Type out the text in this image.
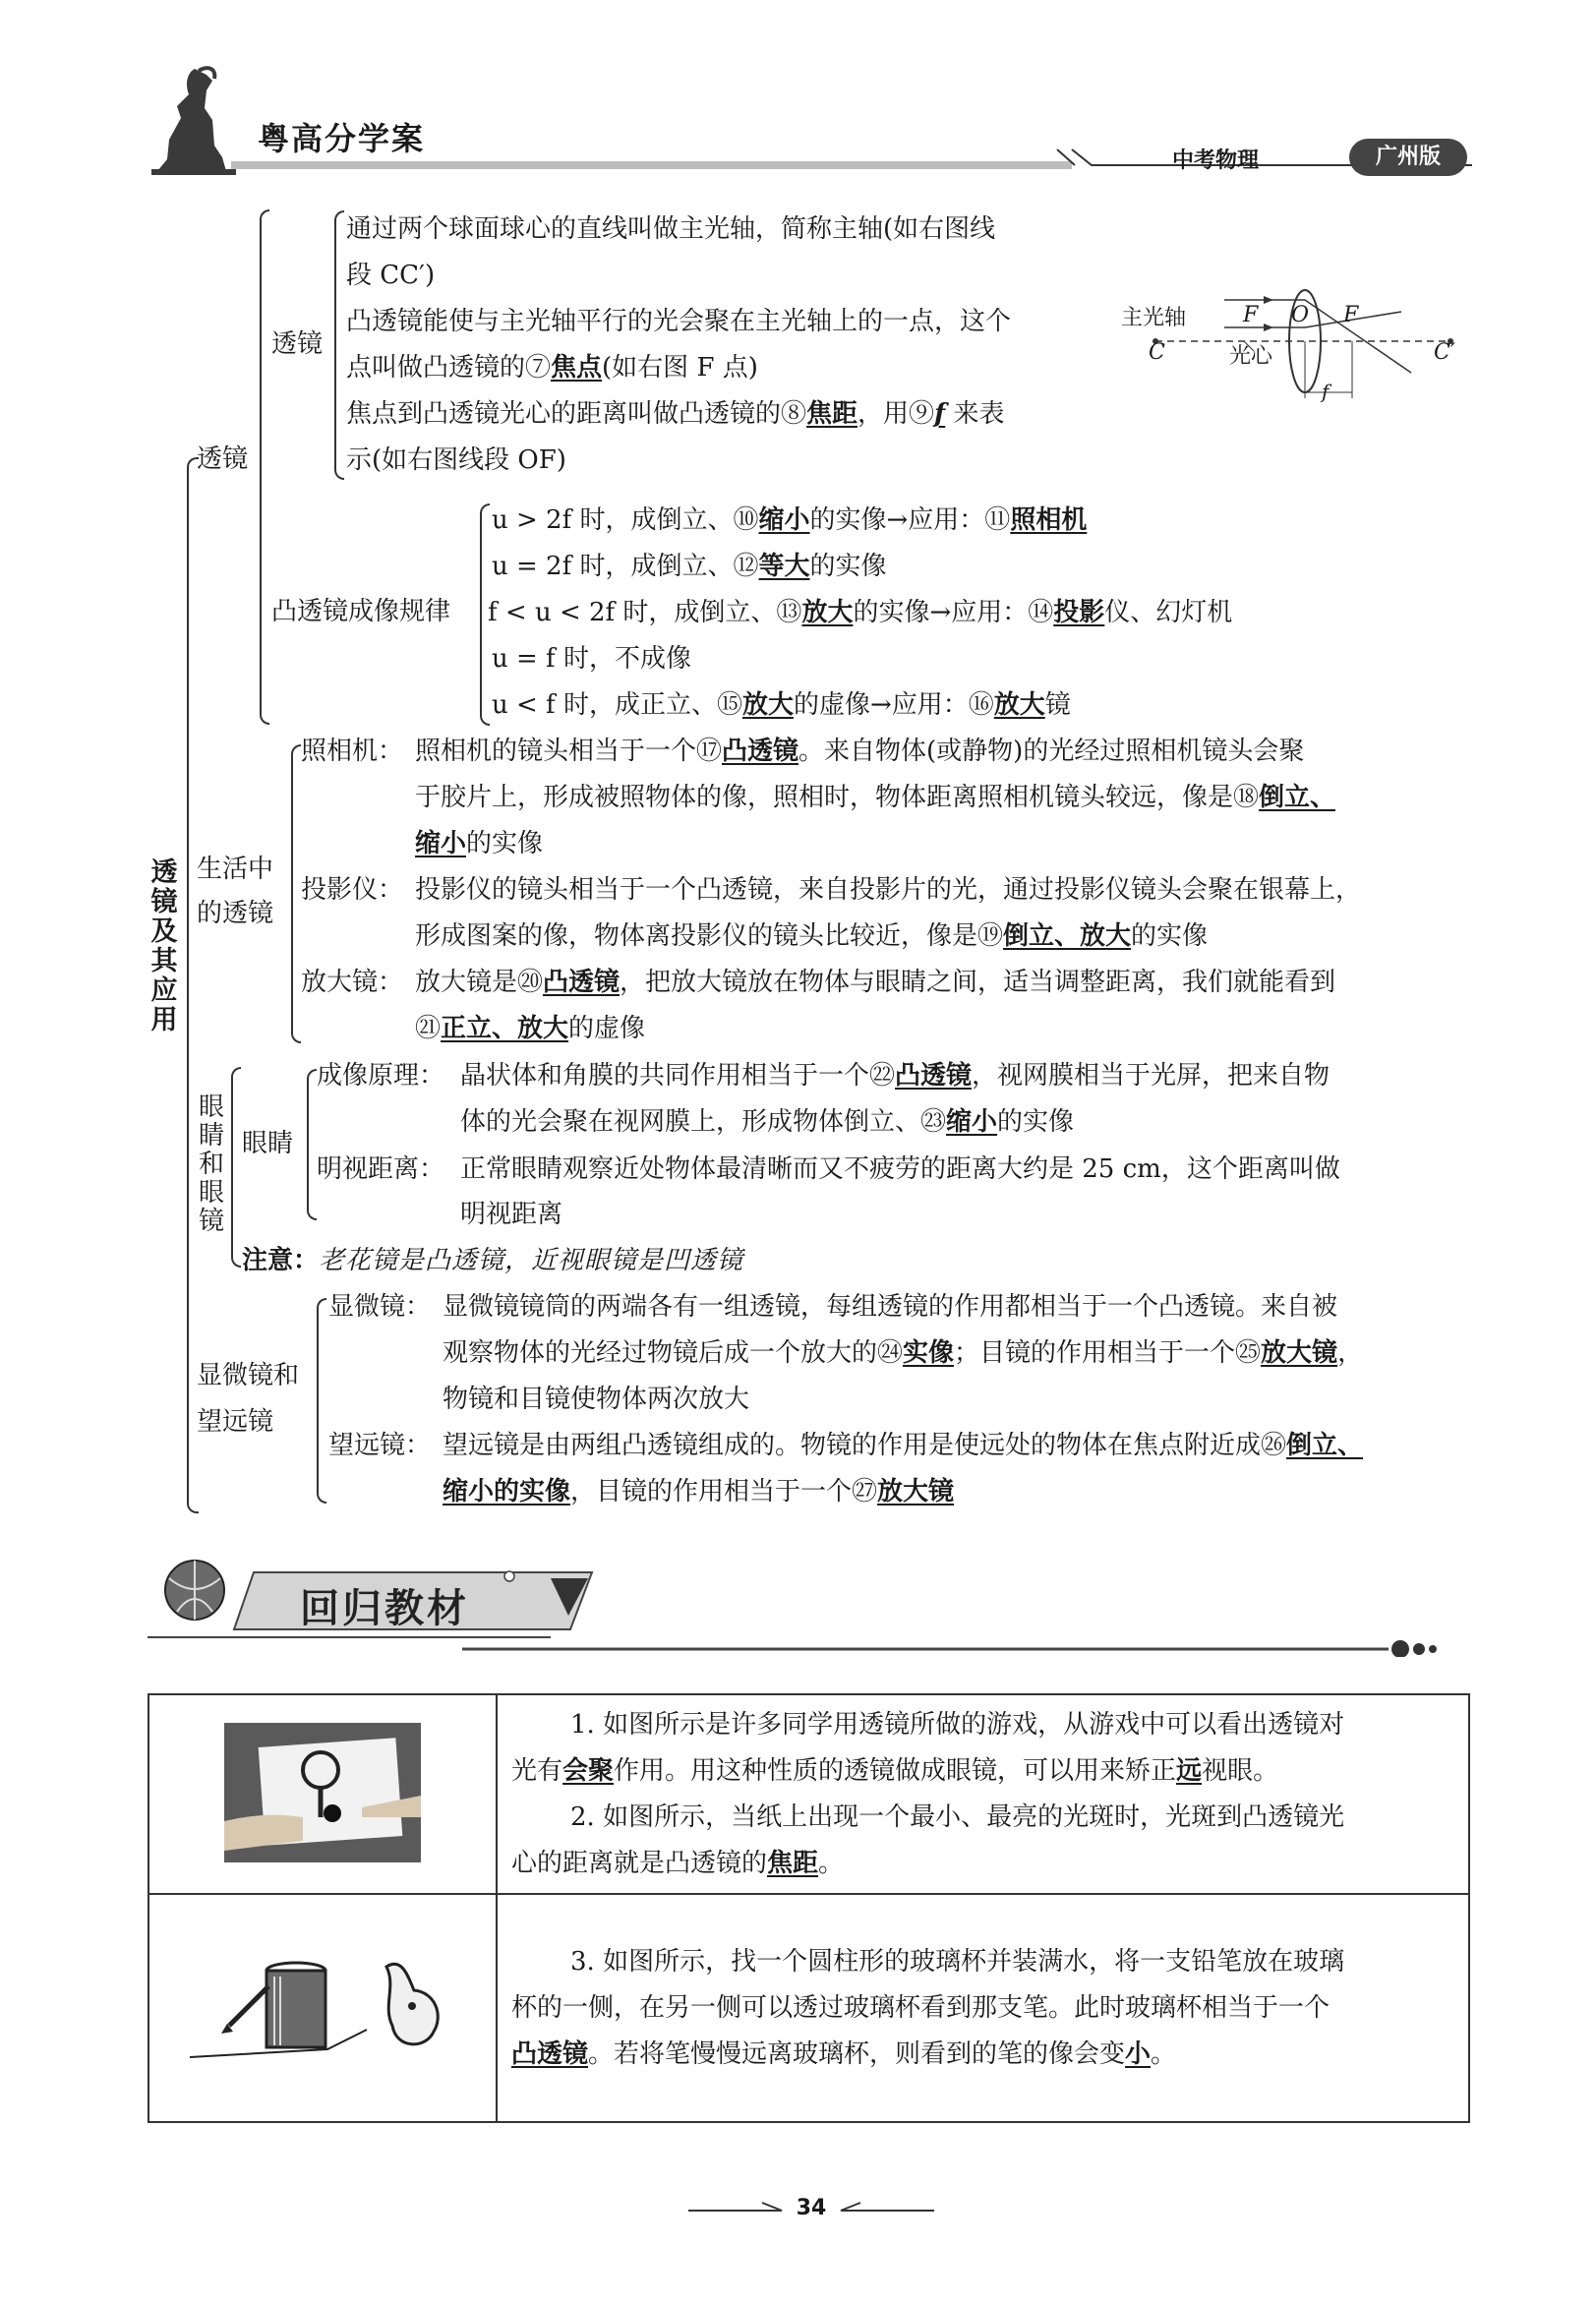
粤高分学案
中考物理	广州版
透
镜
及
其
应
用
透镜
透镜
通过两个球面球心的直线叫做主光轴，简称主轴(如右图线
段 CC′)
凸透镜能使与主光轴平行的光会聚在主光轴上的一点，这个
点叫做凸透镜的⑦焦点(如右图 F 点)
焦点到凸透镜光心的距离叫做凸透镜的⑧焦距，用⑨f 来表
示(如右图线段 OF)
主光轴	F O F
C	光心	C′
f
凸透镜成像规律
u > 2f 时，成倒立、⑩缩小的实像→应用：⑪照相机
u = 2f 时，成倒立、⑫等大的实像
f < u < 2f 时，成倒立、⑬放大的实像→应用：⑭投影仪、幻灯机
u = f 时，不成像
u < f 时，成正立、⑮放大的虚像→应用：⑯放大镜
生活中
的透镜
照相机： 照相机的镜头相当于一个⑰凸透镜。来自物体(或静物)的光经过照相机镜头会聚
于胶片上，形成被照物体的像，照相时，物体距离照相机镜头较远，像是⑱倒立、
缩小的实像
投影仪： 投影仪的镜头相当于一个凸透镜，来自投影片的光，通过投影仪镜头会聚在银幕上，
形成图案的像，物体离投影仪的镜头比较近，像是⑲倒立、放大的实像
放大镜： 放大镜是⑳凸透镜，把放大镜放在物体与眼睛之间，适当调整距离，我们就能看到
㉑正立、放大的虚像
眼
睛
和
眼
镜
眼睛
成像原理： 晶状体和角膜的共同作用相当于一个㉒凸透镜，视网膜相当于光屏，把来自物
体的光会聚在视网膜上，形成物体倒立、㉓缩小的实像
明视距离： 正常眼睛观察近处物体最清晰而又不疲劳的距离大约是 25 cm，这个距离叫做
明视距离
注意：老花镜是凸透镜，近视眼镜是凹透镜
显微镜和
望远镜
显微镜： 显微镜镜筒的两端各有一组透镜，每组透镜的作用都相当于一个凸透镜。来自被
观察物体的光经过物镜后成一个放大的㉔实像；目镜的作用相当于一个㉕放大镜，
物镜和目镜使物体两次放大
望远镜： 望远镜是由两组凸透镜组成的。物镜的作用是使远处的物体在焦点附近成㉖倒立、
缩小的实像，目镜的作用相当于一个㉗放大镜
回归教材

1. 如图所示是许多同学用透镜所做的游戏，从游戏中可以看出透镜对
光有会聚作用。用这种性质的透镜做成眼镜，可以用来矫正远视眼。
2. 如图所示，当纸上出现一个最小、最亮的光斑时，光斑到凸透镜光
心的距离就是凸透镜的焦距。

3. 如图所示，找一个圆柱形的玻璃杯并装满水，将一支铅笔放在玻璃
杯的一侧，在另一侧可以透过玻璃杯看到那支笔。此时玻璃杯相当于一个
凸透镜。若将笔慢慢远离玻璃杯，则看到的笔的像会变小。
34
